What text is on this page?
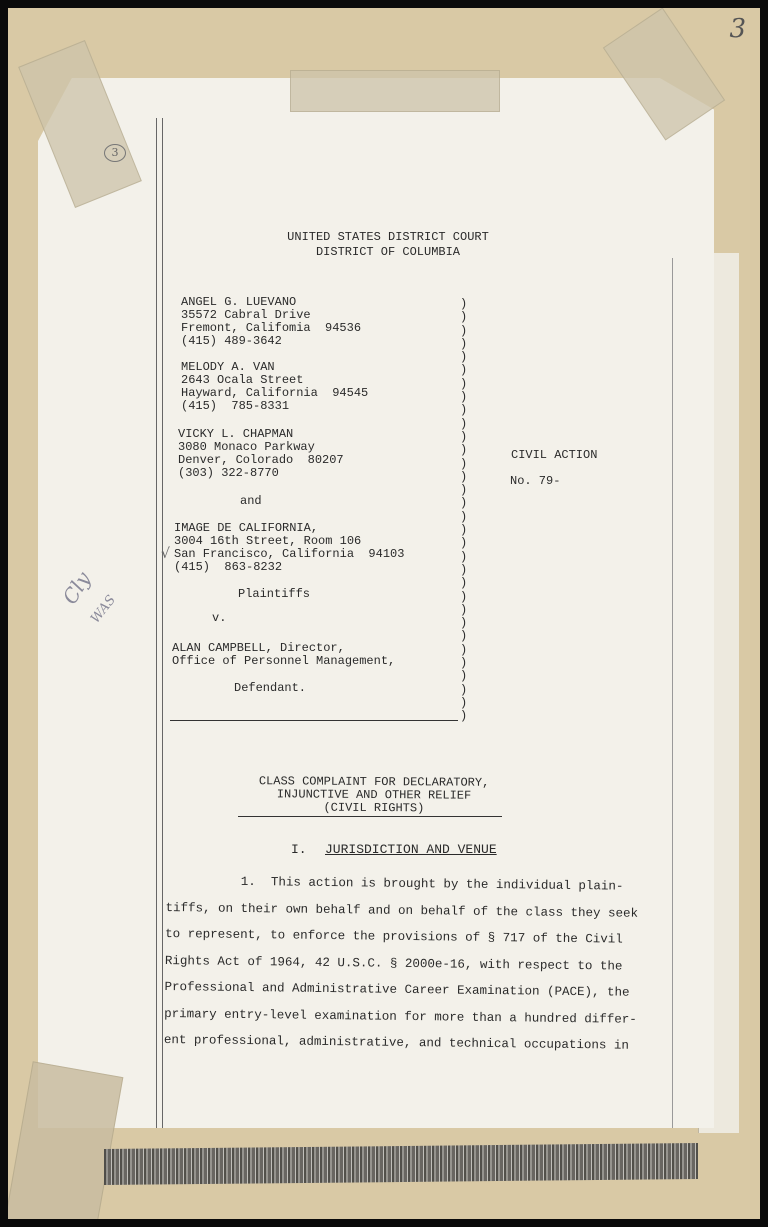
3
3
UNITED STATES DISTRICT COURT
DISTRICT OF COLUMBIA
ANGEL G. LUEVANO
35572 Cabral Drive
Fremont, Califomia  94536
(415) 489-3642
MELODY A. VAN
2643 Ocala Street
Hayward, California  94545
(415)  785-8331
VICKY L. CHAPMAN
3080 Monaco Parkway
Denver, Colorado  80207
(303) 322-8770
and
IMAGE DE CALIFORNIA,
3004 16th Street, Room 106
San Francisco, California  94103
(415)  863-8232
√
Plaintiffs
v.
ALAN CAMPBELL, Director,
Office of Personnel Management,
Defendant.
)
)
)
)
)
)
)
)
)
)
)
)
)
)
)
)
)
)
)
)
)
)
)
)
)
)
)
)
)
)
)
)
CIVIL ACTION
No. 79-
CLASS COMPLAINT FOR DECLARATORY,
INJUNCTIVE AND OTHER RELIEF
(CIVIL RIGHTS)
I. JURISDICTION AND VENUE
1.  This action is brought by the individual plain-
tiffs, on their own behalf and on behalf of the class they seek
to represent, to enforce the provisions of § 717 of the Civil
Rights Act of 1964, 42 U.S.C. § 2000e-16, with respect to the
Professional and Administrative Career Examination (PACE), the
primary entry-level examination for more than a hundred differ-
ent professional, administrative, and technical occupations in
Cly
WAS
